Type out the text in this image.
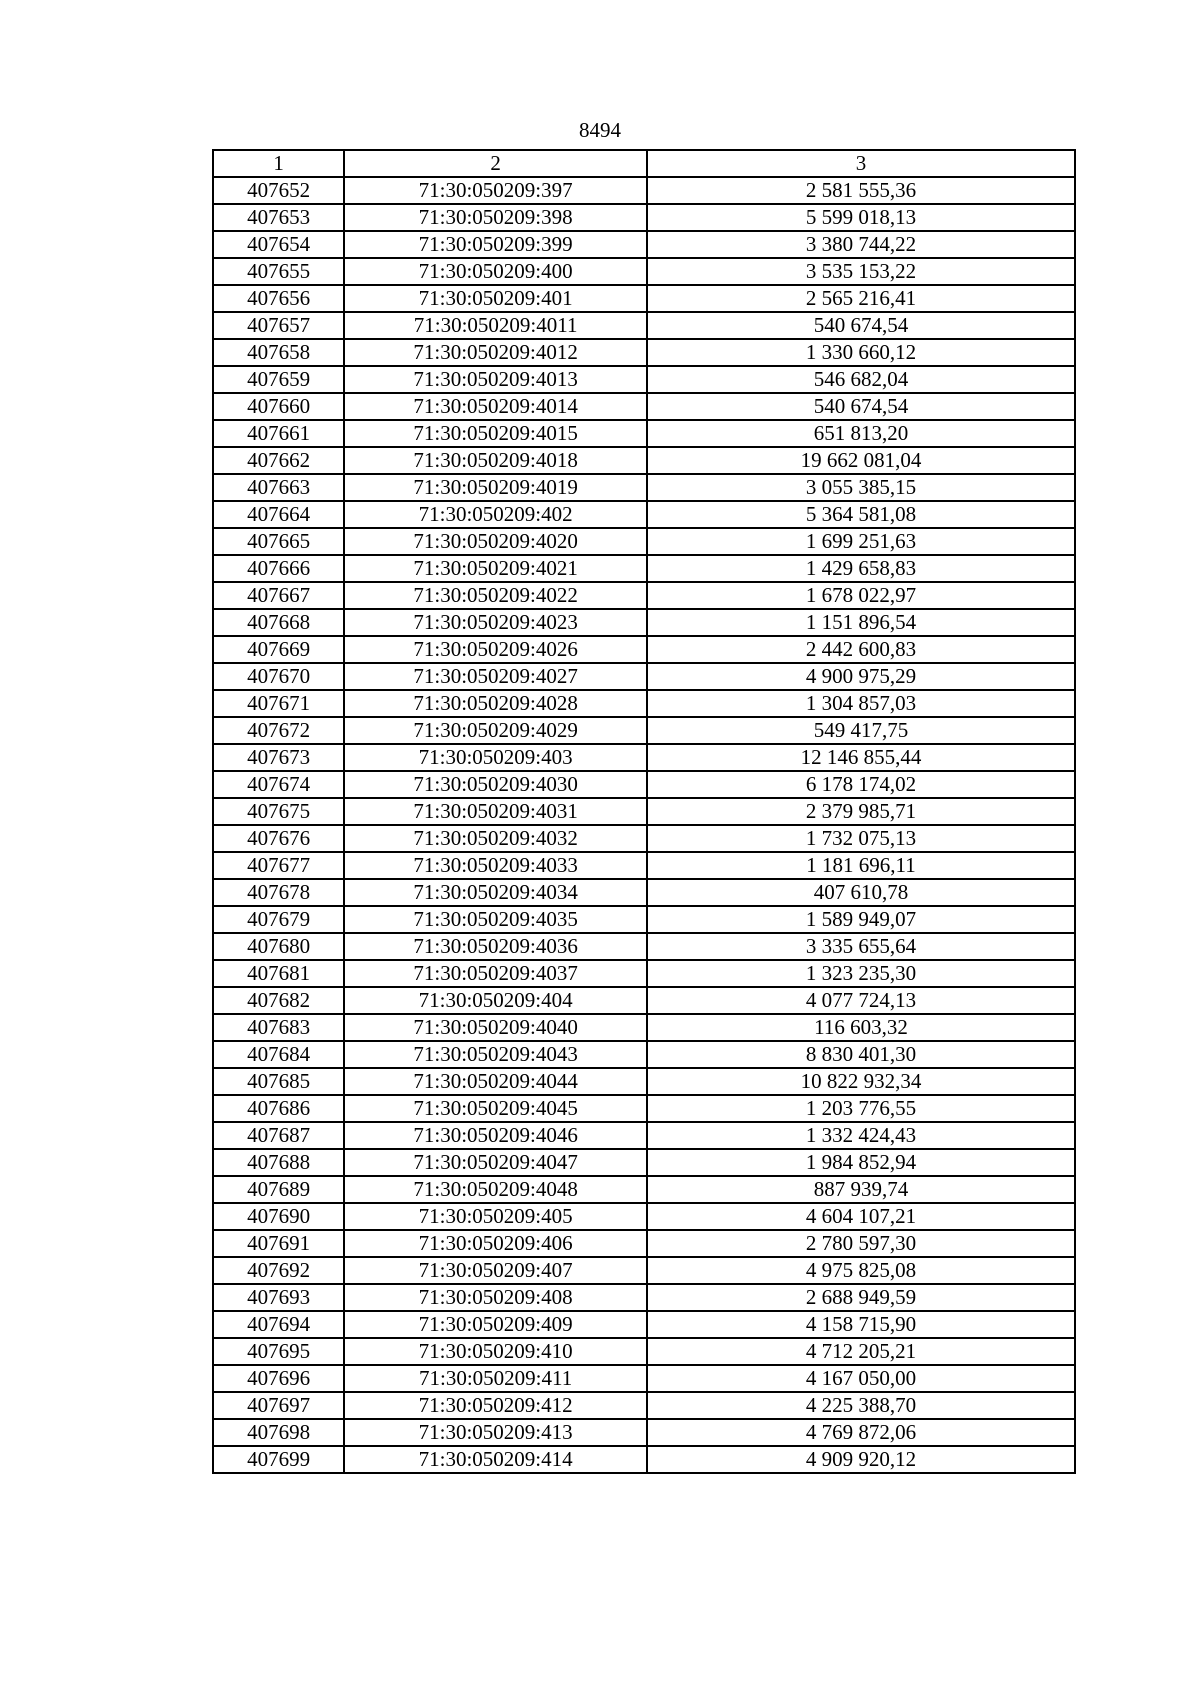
8494
1	2	3
407652	71:30:050209:397	2 581 555,36
407653	71:30:050209:398	5 599 018,13
407654	71:30:050209:399	3 380 744,22
407655	71:30:050209:400	3 535 153,22
407656	71:30:050209:401	2 565 216,41
407657	71:30:050209:4011	540 674,54
407658	71:30:050209:4012	1 330 660,12
407659	71:30:050209:4013	546 682,04
407660	71:30:050209:4014	540 674,54
407661	71:30:050209:4015	651 813,20
407662	71:30:050209:4018	19 662 081,04
407663	71:30:050209:4019	3 055 385,15
407664	71:30:050209:402	5 364 581,08
407665	71:30:050209:4020	1 699 251,63
407666	71:30:050209:4021	1 429 658,83
407667	71:30:050209:4022	1 678 022,97
407668	71:30:050209:4023	1 151 896,54
407669	71:30:050209:4026	2 442 600,83
407670	71:30:050209:4027	4 900 975,29
407671	71:30:050209:4028	1 304 857,03
407672	71:30:050209:4029	549 417,75
407673	71:30:050209:403	12 146 855,44
407674	71:30:050209:4030	6 178 174,02
407675	71:30:050209:4031	2 379 985,71
407676	71:30:050209:4032	1 732 075,13
407677	71:30:050209:4033	1 181 696,11
407678	71:30:050209:4034	407 610,78
407679	71:30:050209:4035	1 589 949,07
407680	71:30:050209:4036	3 335 655,64
407681	71:30:050209:4037	1 323 235,30
407682	71:30:050209:404	4 077 724,13
407683	71:30:050209:4040	116 603,32
407684	71:30:050209:4043	8 830 401,30
407685	71:30:050209:4044	10 822 932,34
407686	71:30:050209:4045	1 203 776,55
407687	71:30:050209:4046	1 332 424,43
407688	71:30:050209:4047	1 984 852,94
407689	71:30:050209:4048	887 939,74
407690	71:30:050209:405	4 604 107,21
407691	71:30:050209:406	2 780 597,30
407692	71:30:050209:407	4 975 825,08
407693	71:30:050209:408	2 688 949,59
407694	71:30:050209:409	4 158 715,90
407695	71:30:050209:410	4 712 205,21
407696	71:30:050209:411	4 167 050,00
407697	71:30:050209:412	4 225 388,70
407698	71:30:050209:413	4 769 872,06
407699	71:30:050209:414	4 909 920,12
